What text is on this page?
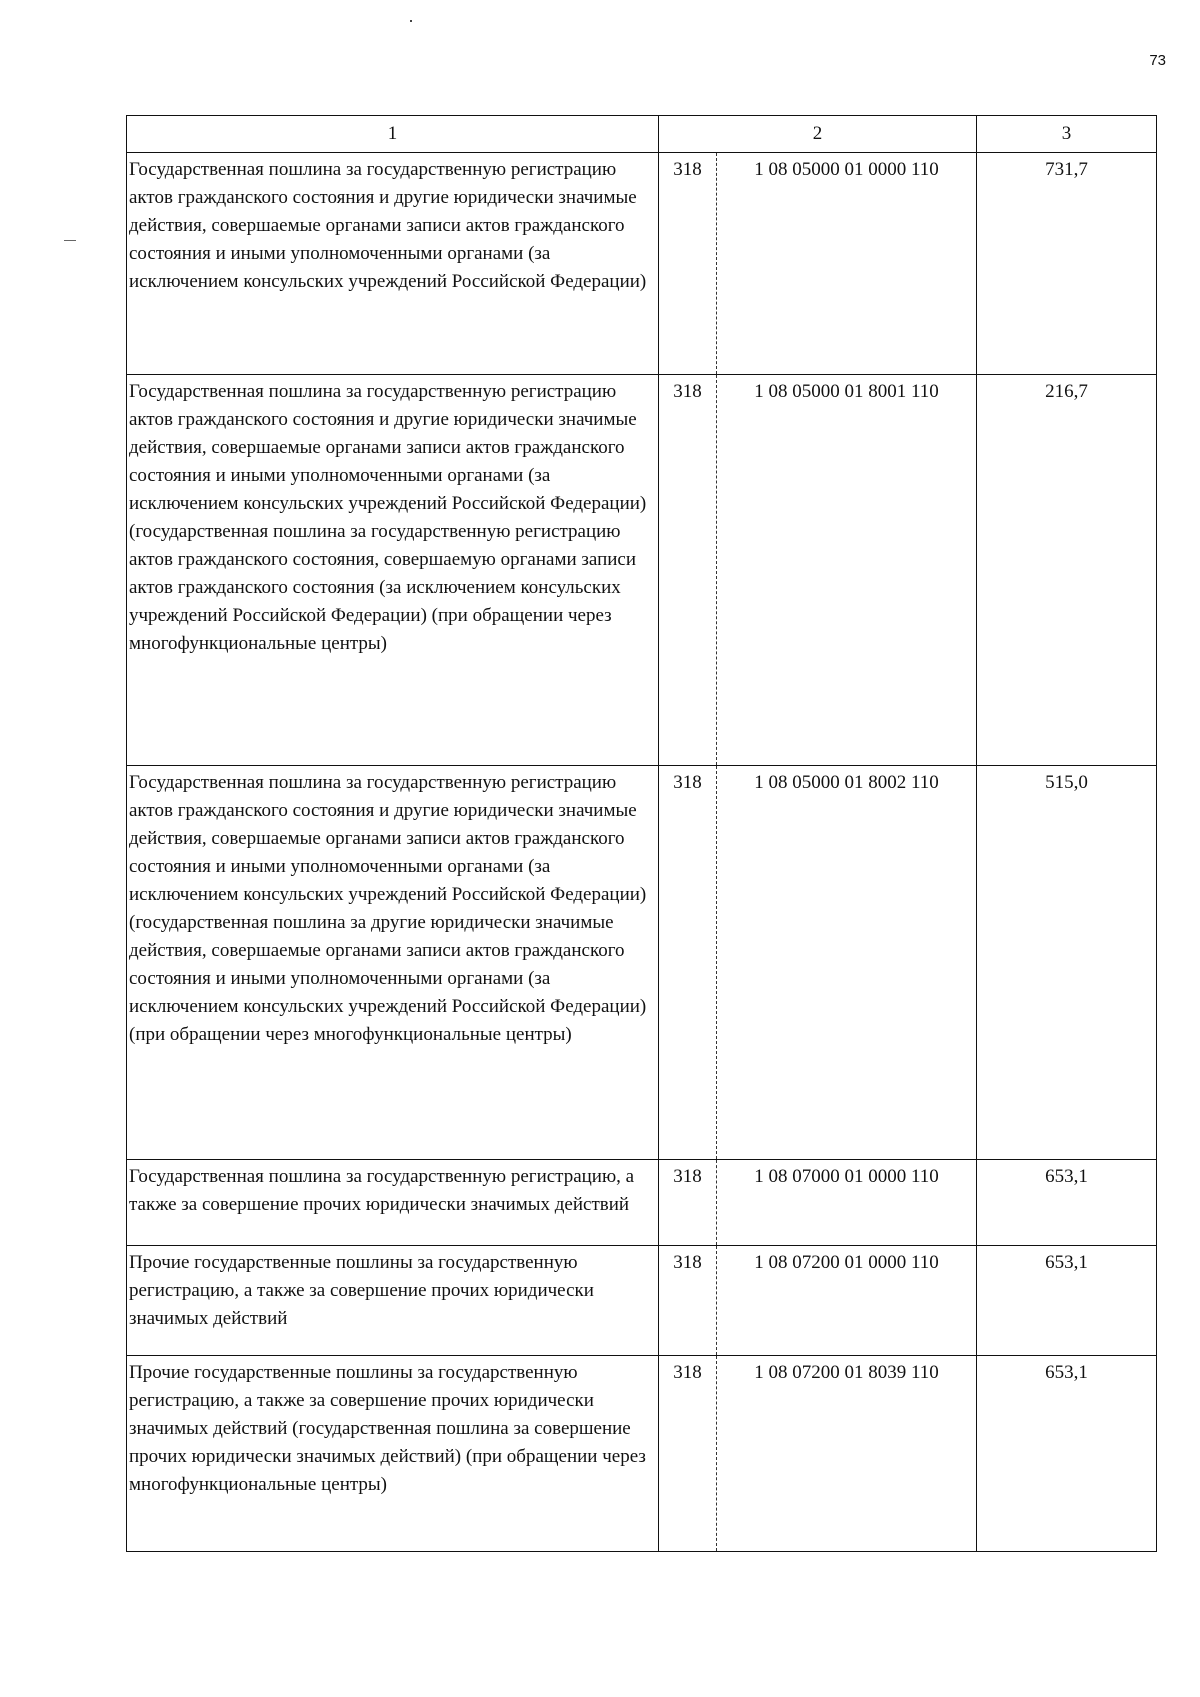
73
1	2		3
Государственная пошлина за государственную регистрацию актов гражданского состояния и другие юридически значимые действия, совершаемые органами записи актов гражданского состояния и иными уполномоченными органами (за исключением консульских учреждений Российской Федерации)	318	1 08 05000 01 0000 110	731,7
Государственная пошлина за государственную регистрацию актов гражданского состояния и другие юридически значимые действия, совершаемые органами записи актов гражданского состояния и иными уполномоченными органами (за исключением консульских учреждений Российской Федерации) (государственная пошлина за государственную регистрацию актов гражданского состояния, совершаемую органами записи актов гражданского состояния (за исключением консульских учреждений Российской Федерации) (при обращении через многофункциональные центры)	318	1 08 05000 01 8001 110	216,7
Государственная пошлина за государственную регистрацию актов гражданского состояния и другие юридически значимые действия, совершаемые органами записи актов гражданского состояния и иными уполномоченными органами (за исключением консульских учреждений Российской Федерации) (государственная пошлина за другие юридически значимые действия, совершаемые органами записи актов гражданского состояния и иными уполномоченными органами (за исключением консульских учреждений Российской Федерации) (при обращении через многофункциональные центры)	318	1 08 05000 01 8002 110	515,0
Государственная пошлина за государственную регистрацию, а также за совершение прочих юридически значимых действий	318	1 08 07000 01 0000 110	653,1
Прочие государственные пошлины за государственную регистрацию, а также за совершение прочих юридически значимых действий	318	1 08 07200 01 0000 110	653,1
Прочие государственные пошлины за государственную регистрацию, а также за совершение прочих юридически значимых действий (государственная пошлина за совершение прочих юридически значимых действий) (при обращении через многофункциональные центры)	318	1 08 07200 01 8039 110	653,1
